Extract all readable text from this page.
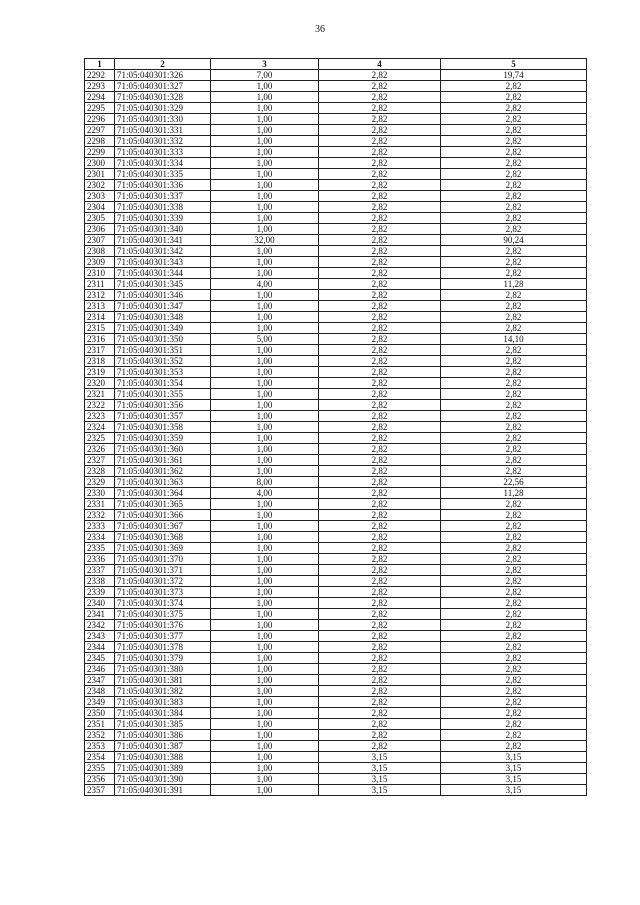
36
1	2	3	4	5
2292	71:05:040301:326	7,00	2,82	19,74
2293	71:05:040301:327	1,00	2,82	2,82
2294	71:05:040301:328	1,00	2,82	2,82
2295	71:05:040301:329	1,00	2,82	2,82
2296	71:05:040301:330	1,00	2,82	2,82
2297	71:05:040301:331	1,00	2,82	2,82
2298	71:05:040301:332	1,00	2,82	2,82
2299	71:05:040301:333	1,00	2,82	2,82
2300	71:05:040301:334	1,00	2,82	2,82
2301	71:05:040301:335	1,00	2,82	2,82
2302	71:05:040301:336	1,00	2,82	2,82
2303	71:05:040301:337	1,00	2,82	2,82
2304	71:05:040301:338	1,00	2,82	2,82
2305	71:05:040301:339	1,00	2,82	2,82
2306	71:05:040301:340	1,00	2,82	2,82
2307	71:05:040301:341	32,00	2,82	90,24
2308	71:05:040301:342	1,00	2,82	2,82
2309	71:05:040301:343	1,00	2,82	2,82
2310	71:05:040301:344	1,00	2,82	2,82
2311	71:05:040301:345	4,00	2,82	11,28
2312	71:05:040301:346	1,00	2,82	2,82
2313	71:05:040301:347	1,00	2,82	2,82
2314	71:05:040301:348	1,00	2,82	2,82
2315	71:05:040301:349	1,00	2,82	2,82
2316	71:05:040301:350	5,00	2,82	14,10
2317	71:05:040301:351	1,00	2,82	2,82
2318	71:05:040301:352	1,00	2,82	2,82
2319	71:05:040301:353	1,00	2,82	2,82
2320	71:05:040301:354	1,00	2,82	2,82
2321	71:05:040301:355	1,00	2,82	2,82
2322	71:05:040301:356	1,00	2,82	2,82
2323	71:05:040301:357	1,00	2,82	2,82
2324	71:05:040301:358	1,00	2,82	2,82
2325	71:05:040301:359	1,00	2,82	2,82
2326	71:05:040301:360	1,00	2,82	2,82
2327	71:05:040301:361	1,00	2,82	2,82
2328	71:05:040301:362	1,00	2,82	2,82
2329	71:05:040301:363	8,00	2,82	22,56
2330	71:05:040301:364	4,00	2,82	11,28
2331	71:05:040301:365	1,00	2,82	2,82
2332	71:05:040301:366	1,00	2,82	2,82
2333	71:05:040301:367	1,00	2,82	2,82
2334	71:05:040301:368	1,00	2,82	2,82
2335	71:05:040301:369	1,00	2,82	2,82
2336	71:05:040301:370	1,00	2,82	2,82
2337	71:05:040301:371	1,00	2,82	2,82
2338	71:05:040301:372	1,00	2,82	2,82
2339	71:05:040301:373	1,00	2,82	2,82
2340	71:05:040301:374	1,00	2,82	2,82
2341	71:05:040301:375	1,00	2,82	2,82
2342	71:05:040301:376	1,00	2,82	2,82
2343	71:05:040301:377	1,00	2,82	2,82
2344	71:05:040301:378	1,00	2,82	2,82
2345	71:05:040301:379	1,00	2,82	2,82
2346	71:05:040301:380	1,00	2,82	2,82
2347	71:05:040301:381	1,00	2,82	2,82
2348	71:05:040301:382	1,00	2,82	2,82
2349	71:05:040301:383	1,00	2,82	2,82
2350	71:05:040301:384	1,00	2,82	2,82
2351	71:05:040301:385	1,00	2,82	2,82
2352	71:05:040301:386	1,00	2,82	2,82
2353	71:05:040301:387	1,00	2,82	2,82
2354	71:05:040301:388	1,00	3,15	3,15
2355	71:05:040301:389	1,00	3,15	3,15
2356	71:05:040301:390	1,00	3,15	3,15
2357	71:05:040301:391	1,00	3,15	3,15
